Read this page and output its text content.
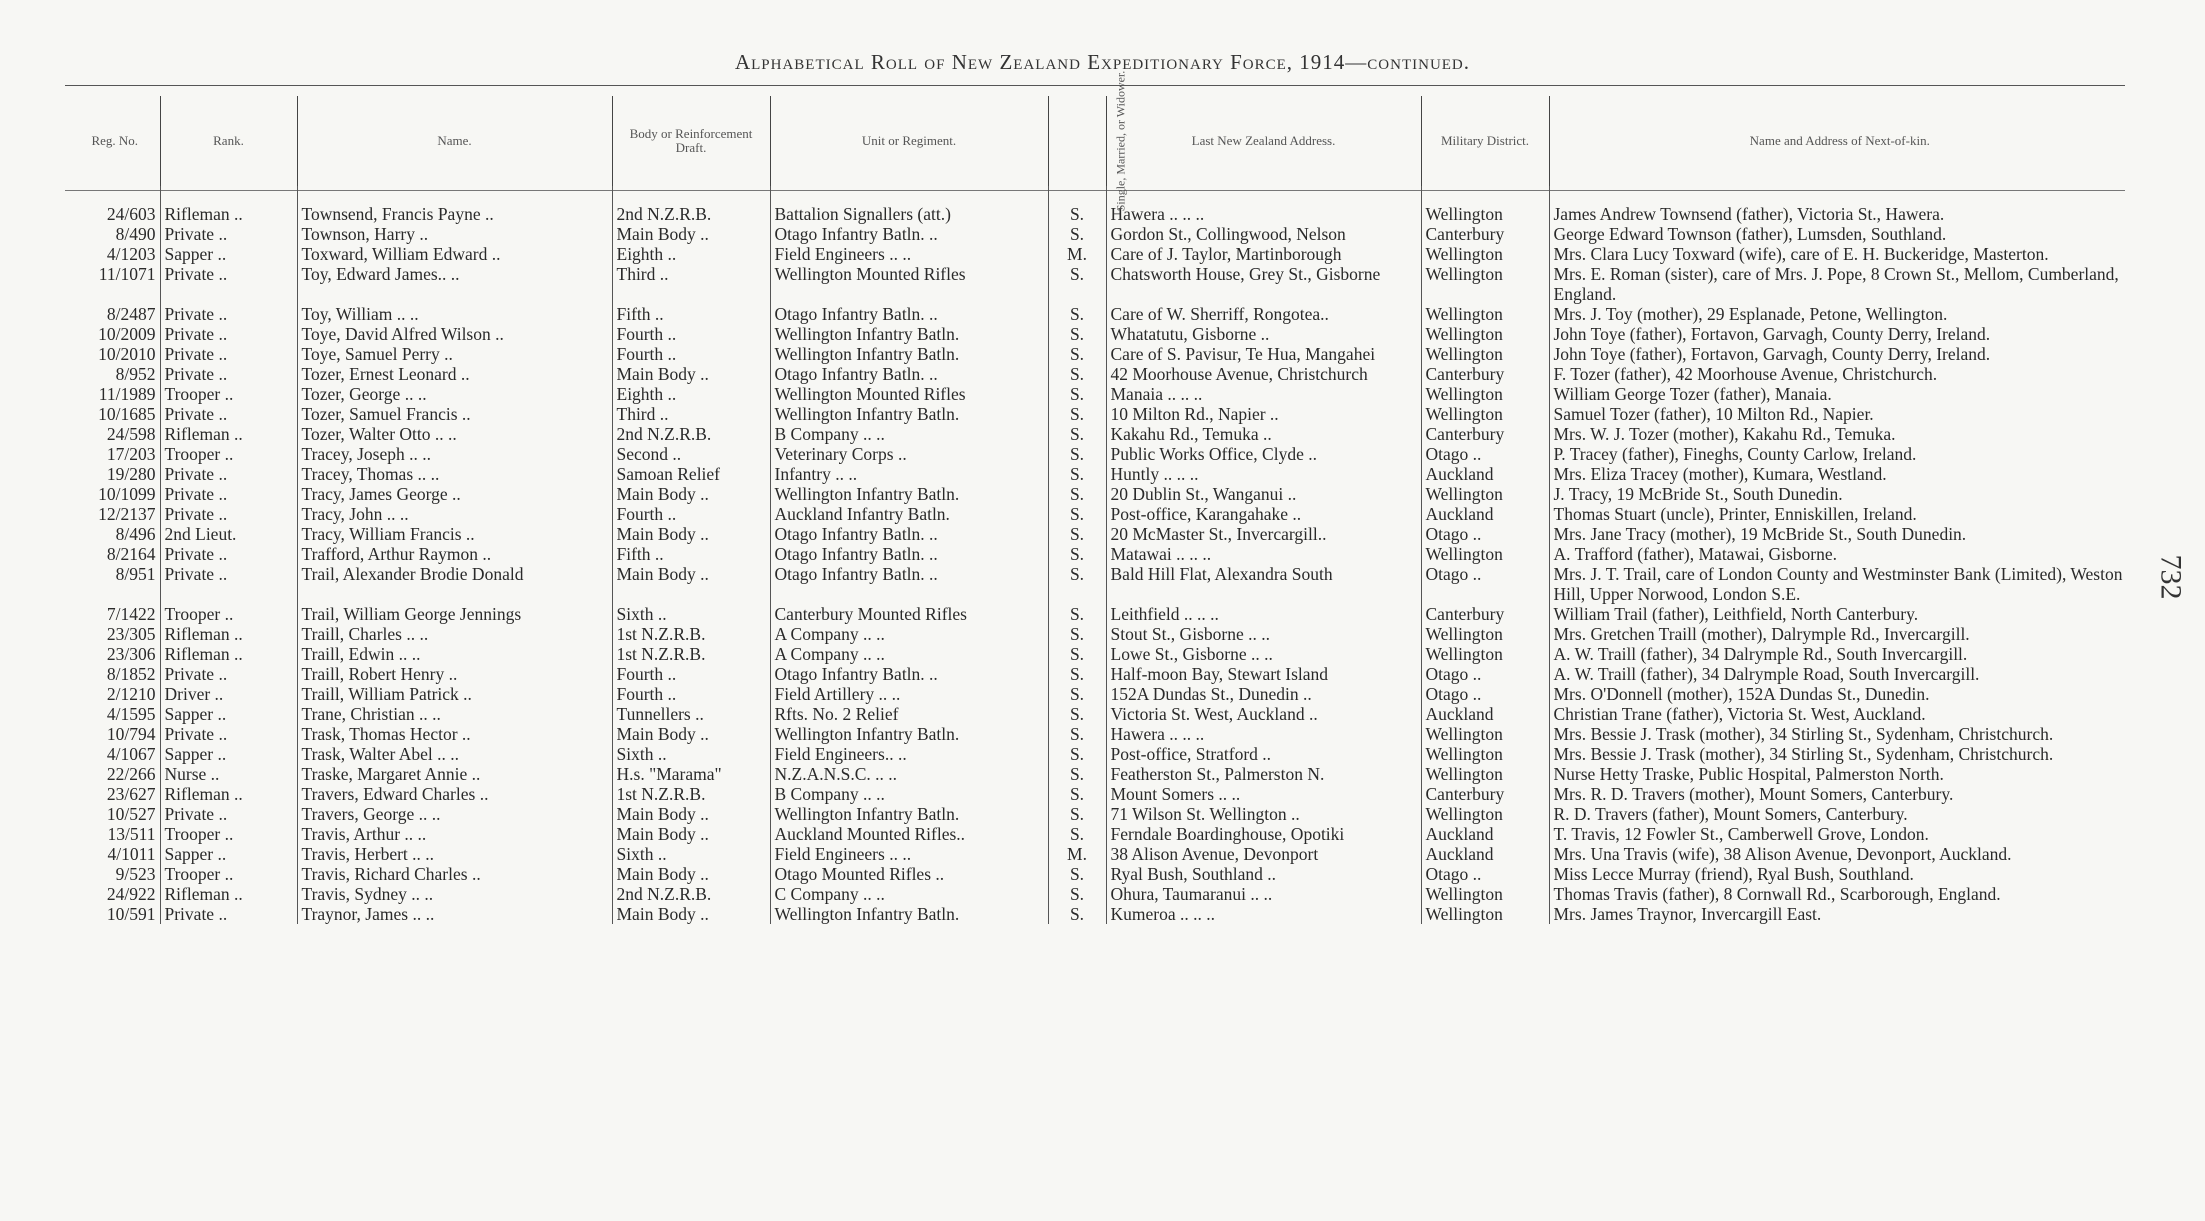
Alphabetical Roll of New Zealand Expeditionary Force, 1914—continued.
Reg. No.	Rank.	Name.	Body or Reinforcement Draft.	Unit or Regiment.	Single, Married, or Widower.	Last New Zealand Address.	Military District.	Name and Address of Next-of-kin.

24/603	Rifleman ..	Townsend, Francis Payne ..	2nd N.Z.R.B.	Battalion Signallers (att.)	S.	Hawera .. .. ..	Wellington	James Andrew Townsend (father), Victoria St., Hawera.
8/490	Private ..	Townson, Harry ..	Main Body ..	Otago Infantry Batln. ..	S.	Gordon St., Collingwood, Nelson	Canterbury	George Edward Townson (father), Lumsden, Southland.
4/1203	Sapper ..	Toxward, William Edward ..	Eighth ..	Field Engineers .. ..	M.	Care of J. Taylor, Martinborough	Wellington	Mrs. Clara Lucy Toxward (wife), care of E. H. Buckeridge, Masterton.
11/1071	Private ..	Toy, Edward James.. ..	Third ..	Wellington Mounted Rifles	S.	Chatsworth House, Grey St., Gisborne	Wellington	Mrs. E. Roman (sister), care of Mrs. J. Pope, 8 Crown St., Mellom, Cumberland, England.
8/2487	Private ..	Toy, William .. ..	Fifth ..	Otago Infantry Batln. ..	S.	Care of W. Sherriff, Rongotea..	Wellington	Mrs. J. Toy (mother), 29 Esplanade, Petone, Wellington.
10/2009	Private ..	Toye, David Alfred Wilson ..	Fourth ..	Wellington Infantry Batln.	S.	Whatatutu, Gisborne ..	Wellington	John Toye (father), Fortavon, Garvagh, County Derry, Ireland.
10/2010	Private ..	Toye, Samuel Perry ..	Fourth ..	Wellington Infantry Batln.	S.	Care of S. Pavisur, Te Hua, Mangahei	Wellington	John Toye (father), Fortavon, Garvagh, County Derry, Ireland.
8/952	Private ..	Tozer, Ernest Leonard ..	Main Body ..	Otago Infantry Batln. ..	S.	42 Moorhouse Avenue, Christchurch	Canterbury	F. Tozer (father), 42 Moorhouse Avenue, Christchurch.
11/1989	Trooper ..	Tozer, George .. ..	Eighth ..	Wellington Mounted Rifles	S.	Manaia .. .. ..	Wellington	William George Tozer (father), Manaia.
10/1685	Private ..	Tozer, Samuel Francis ..	Third ..	Wellington Infantry Batln.	S.	10 Milton Rd., Napier ..	Wellington	Samuel Tozer (father), 10 Milton Rd., Napier.
24/598	Rifleman ..	Tozer, Walter Otto .. ..	2nd N.Z.R.B.	B Company .. ..	S.	Kakahu Rd., Temuka ..	Canterbury	Mrs. W. J. Tozer (mother), Kakahu Rd., Temuka.
17/203	Trooper ..	Tracey, Joseph .. ..	Second ..	Veterinary Corps ..	S.	Public Works Office, Clyde ..	Otago ..	P. Tracey (father), Fineghs, County Carlow, Ireland.
19/280	Private ..	Tracey, Thomas .. ..	Samoan Relief	Infantry .. ..	S.	Huntly .. .. ..	Auckland	Mrs. Eliza Tracey (mother), Kumara, Westland.
10/1099	Private ..	Tracy, James George ..	Main Body ..	Wellington Infantry Batln.	S.	20 Dublin St., Wanganui ..	Wellington	J. Tracy, 19 McBride St., South Dunedin.
12/2137	Private ..	Tracy, John .. ..	Fourth ..	Auckland Infantry Batln.	S.	Post-office, Karangahake ..	Auckland	Thomas Stuart (uncle), Printer, Enniskillen, Ireland.
8/496	2nd Lieut.	Tracy, William Francis ..	Main Body ..	Otago Infantry Batln. ..	S.	20 McMaster St., Invercargill..	Otago ..	Mrs. Jane Tracy (mother), 19 McBride St., South Dunedin.
8/2164	Private ..	Trafford, Arthur Raymon ..	Fifth ..	Otago Infantry Batln. ..	S.	Matawai .. .. ..	Wellington	A. Trafford (father), Matawai, Gisborne.
8/951	Private ..	Trail, Alexander Brodie Donald	Main Body ..	Otago Infantry Batln. ..	S.	Bald Hill Flat, Alexandra South	Otago ..	Mrs. J. T. Trail, care of London County and Westminster Bank (Limited), Weston Hill, Upper Norwood, London S.E.
7/1422	Trooper ..	Trail, William George Jennings	Sixth ..	Canterbury Mounted Rifles	S.	Leithfield .. .. ..	Canterbury	William Trail (father), Leithfield, North Canterbury.
23/305	Rifleman ..	Traill, Charles .. ..	1st N.Z.R.B.	A Company .. ..	S.	Stout St., Gisborne .. ..	Wellington	Mrs. Gretchen Traill (mother), Dalrymple Rd., Invercargill.
23/306	Rifleman ..	Traill, Edwin .. ..	1st N.Z.R.B.	A Company .. ..	S.	Lowe St., Gisborne .. ..	Wellington	A. W. Traill (father), 34 Dalrymple Rd., South Invercargill.
8/1852	Private ..	Traill, Robert Henry ..	Fourth ..	Otago Infantry Batln. ..	S.	Half-moon Bay, Stewart Island	Otago ..	A. W. Traill (father), 34 Dalrymple Road, South Invercargill.
2/1210	Driver ..	Traill, William Patrick ..	Fourth ..	Field Artillery .. ..	S.	152A Dundas St., Dunedin ..	Otago ..	Mrs. O'Donnell (mother), 152A Dundas St., Dunedin.
4/1595	Sapper ..	Trane, Christian .. ..	Tunnellers ..	Rfts. No. 2 Relief	S.	Victoria St. West, Auckland ..	Auckland	Christian Trane (father), Victoria St. West, Auckland.
10/794	Private ..	Trask, Thomas Hector ..	Main Body ..	Wellington Infantry Batln.	S.	Hawera .. .. ..	Wellington	Mrs. Bessie J. Trask (mother), 34 Stirling St., Sydenham, Christchurch.
4/1067	Sapper ..	Trask, Walter Abel .. ..	Sixth ..	Field Engineers.. ..	S.	Post-office, Stratford ..	Wellington	Mrs. Bessie J. Trask (mother), 34 Stirling St., Sydenham, Christchurch.
22/266	Nurse ..	Traske, Margaret Annie ..	H.s. "Marama"	N.Z.A.N.S.C. .. ..	S.	Featherston St., Palmerston N.	Wellington	Nurse Hetty Traske, Public Hospital, Palmerston North.
23/627	Rifleman ..	Travers, Edward Charles ..	1st N.Z.R.B.	B Company .. ..	S.	Mount Somers .. ..	Canterbury	Mrs. R. D. Travers (mother), Mount Somers, Canterbury.
10/527	Private ..	Travers, George .. ..	Main Body ..	Wellington Infantry Batln.	S.	71 Wilson St. Wellington ..	Wellington	R. D. Travers (father), Mount Somers, Canterbury.
13/511	Trooper ..	Travis, Arthur .. ..	Main Body ..	Auckland Mounted Rifles..	S.	Ferndale Boardinghouse, Opotiki	Auckland	T. Travis, 12 Fowler St., Camberwell Grove, London.
4/1011	Sapper ..	Travis, Herbert .. ..	Sixth ..	Field Engineers .. ..	M.	38 Alison Avenue, Devonport	Auckland	Mrs. Una Travis (wife), 38 Alison Avenue, Devonport, Auckland.
9/523	Trooper ..	Travis, Richard Charles ..	Main Body ..	Otago Mounted Rifles ..	S.	Ryal Bush, Southland ..	Otago ..	Miss Lecce Murray (friend), Ryal Bush, Southland.
24/922	Rifleman ..	Travis, Sydney .. ..	2nd N.Z.R.B.	C Company .. ..	S.	Ohura, Taumaranui .. ..	Wellington	Thomas Travis (father), 8 Cornwall Rd., Scarborough, England.
10/591	Private ..	Traynor, James .. ..	Main Body ..	Wellington Infantry Batln.	S.	Kumeroa .. .. ..	Wellington	Mrs. James Traynor, Invercargill East.
732
